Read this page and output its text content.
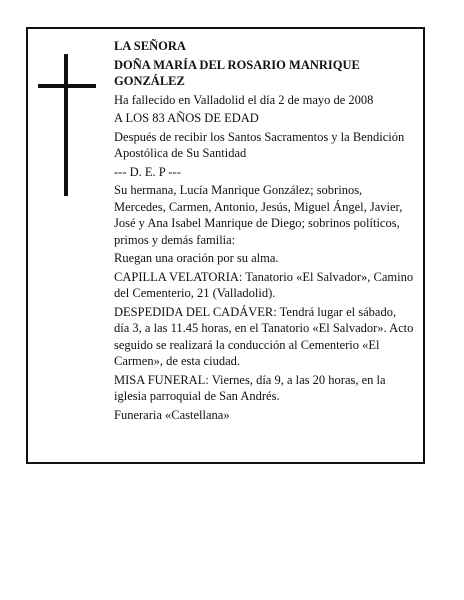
LA SEÑORA

DOÑA MARÍA DEL ROSARIO MANRIQUE GONZÁLEZ

Ha fallecido en Valladolid el día 2 de mayo de 2008

A LOS 83 AÑOS DE EDAD

Después de recibir los Santos Sacramentos y la Bendición Apostólica de Su Santidad

--- D. E. P ---

Su hermana, Lucía Manrique González; sobrinos, Mercedes, Carmen, Antonio, Jesús, Miguel Ángel, Javier, José y Ana Isabel Manrique de Diego; sobrinos políticos, primos y demás familia:

Ruegan una oración por su alma.

CAPILLA VELATORIA: Tanatorio «El Salvador», Camino del Cementerio, 21 (Valladolid).

DESPEDIDA DEL CADÁVER: Tendrá lugar el sábado, día 3, a las 11.45 horas, en el Tanatorio «El Salvador». Acto seguido se realizará la conducción al Cementerio «El Carmen», de esta ciudad.

MISA FUNERAL: Viernes, día 9, a las 20 horas, en la iglesia parroquial de San Andrés.

Funeraria «Castellana»
